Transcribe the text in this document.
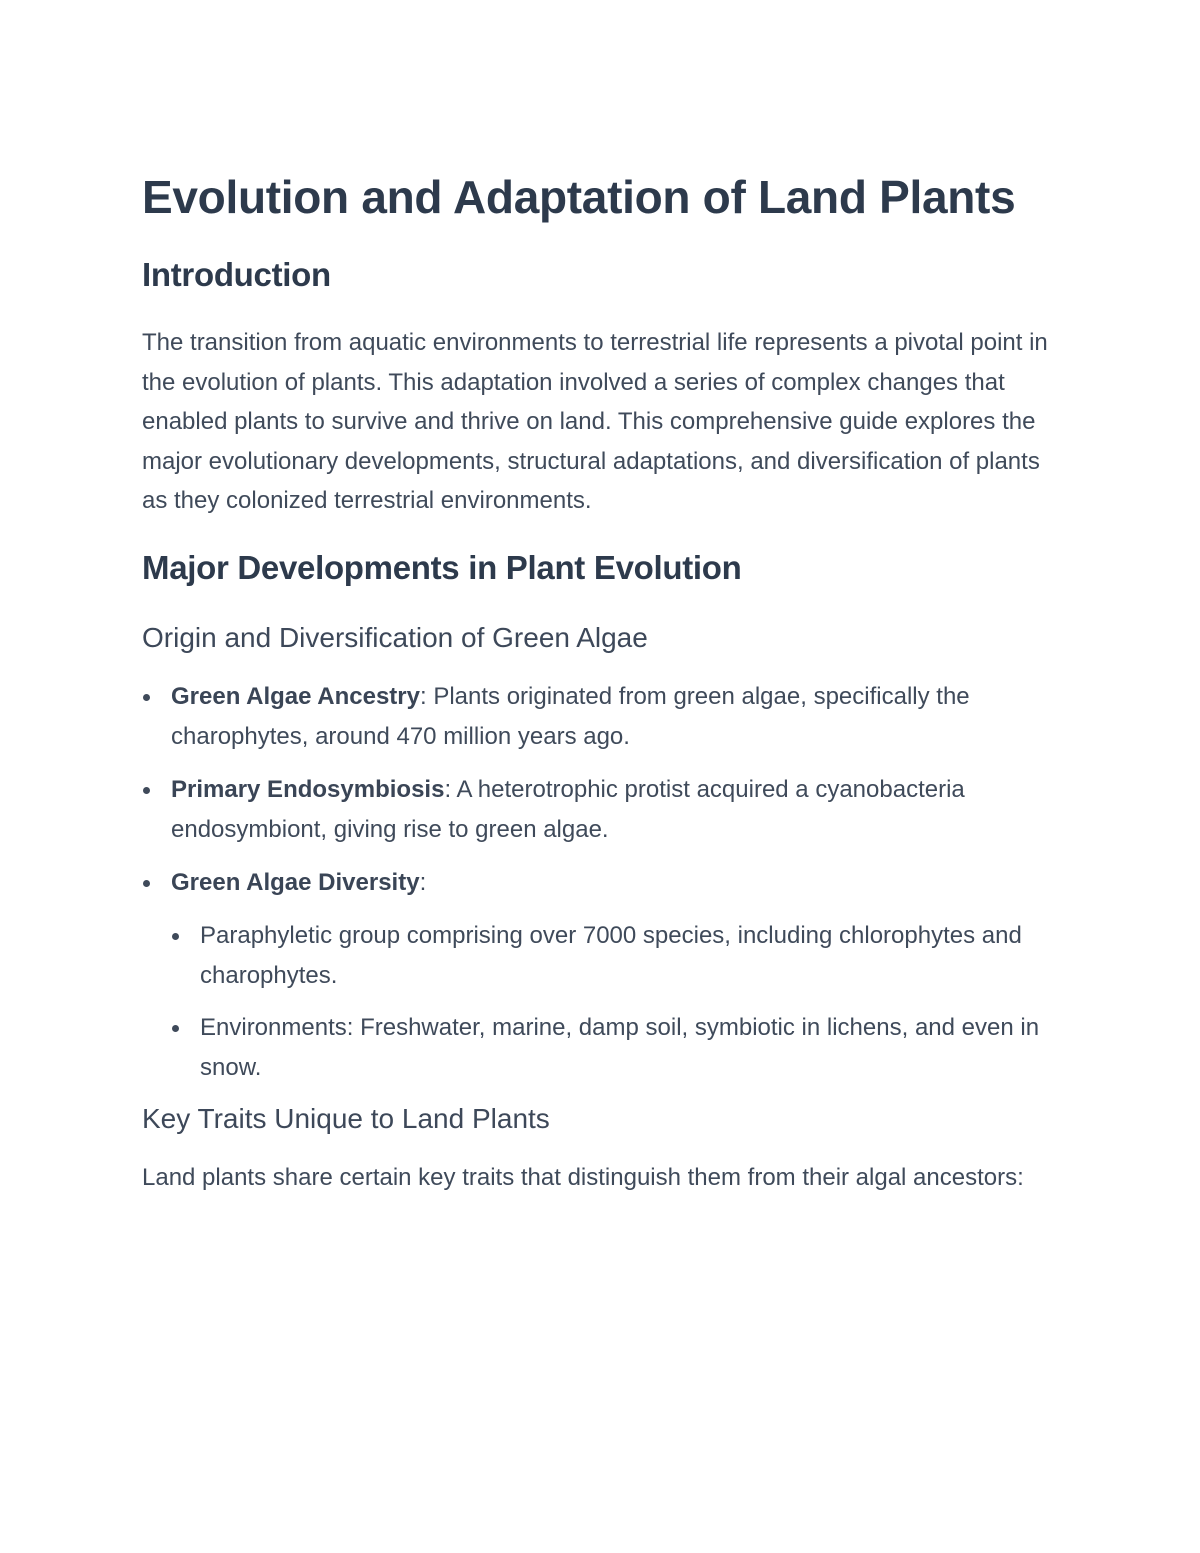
Evolution and Adaptation of Land Plants
Introduction

The transition from aquatic environments to terrestrial life represents a pivotal point in the evolution of plants. This adaptation involved a series of complex changes that enabled plants to survive and thrive on land. This comprehensive guide explores the major evolutionary developments, structural adaptations, and diversification of plants as they colonized terrestrial environments.

Major Developments in Plant Evolution
Origin and Diversification of Green Algae
Green Algae Ancestry: Plants originated from green algae, specifically the charophytes, around 470 million years ago.
Primary Endosymbiosis: A heterotrophic protist acquired a cyanobacteria endosymbiont, giving rise to green algae.
Green Algae Diversity:
Paraphyletic group comprising over 7000 species, including chlorophytes and charophytes.
Environments: Freshwater, marine, damp soil, symbiotic in lichens, and even in snow.
Key Traits Unique to Land Plants

Land plants share certain key traits that distinguish them from their algal ancestors:
